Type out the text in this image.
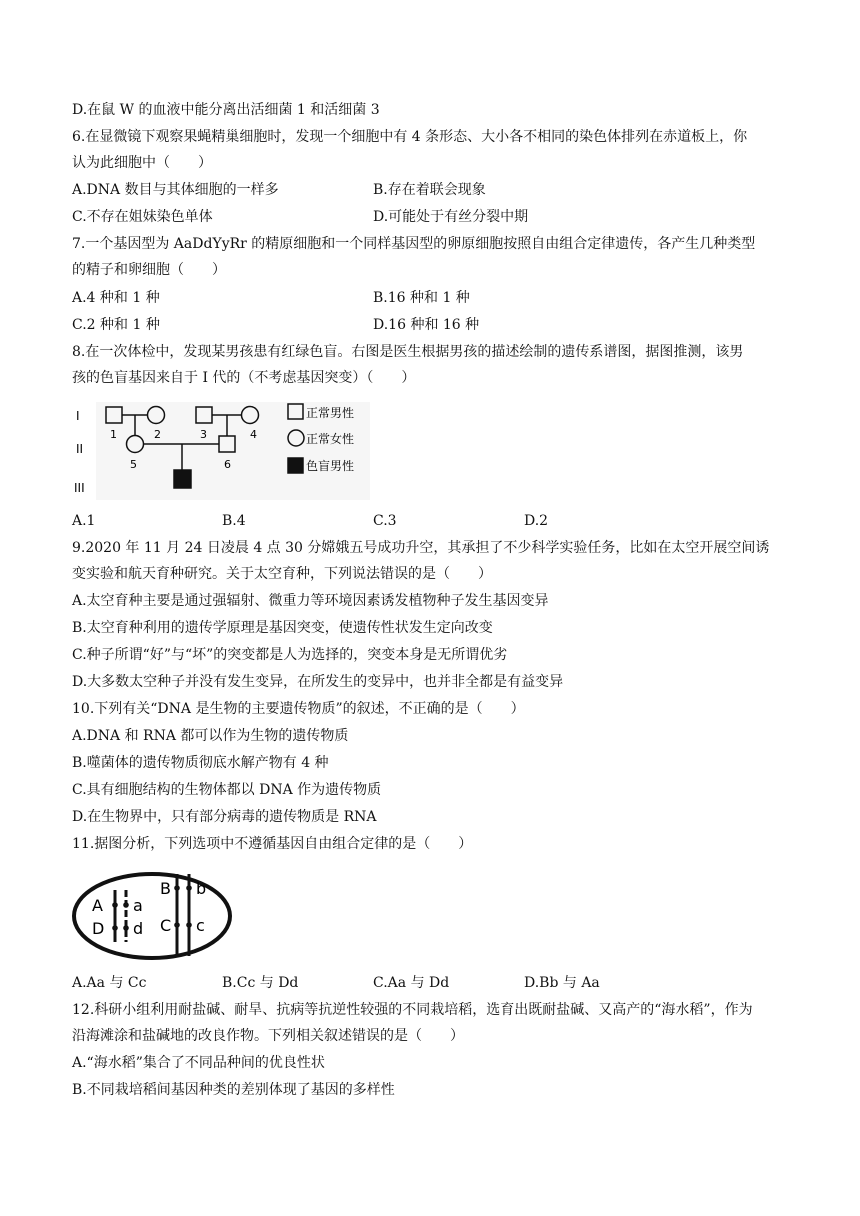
D.在鼠 W 的血液中能分离出活细菌 1 和活细菌 3
6.在显微镜下观察果蝇精巢细胞时，发现一个细胞中有 4 条形态、大小各不相同的染色体排列在赤道板上，你
认为此细胞中（　　）
A.DNA 数目与其体细胞的一样多	B.存在着联会现象
C.不存在姐妹染色单体	D.可能处于有丝分裂中期
7.一个基因型为 AaDdYyRr 的精原细胞和一个同样基因型的卵原细胞按照自由组合定律遗传，各产生几种类型
的精子和卵细胞（　　）
A.4 种和 1 种	B.16 种和 1 种
C.2 种和 1 种	D.16 种和 16 种
8.在一次体检中，发现某男孩患有红绿色盲。右图是医生根据男孩的描述绘制的遗传系谱图，据图推测，该男
孩的色盲基因来自于 I 代的（不考虑基因突变）（　　）
I
II
III
1	2	3	4
5	6
正常男性
正常女性
色盲男性
A.1	B.4	C.3	D.2
9.2020 年 11 月 24 日凌晨 4 点 30 分嫦娥五号成功升空，其承担了不少科学实验任务，比如在太空开展空间诱
变实验和航天育种研究。关于太空育种，下列说法错误的是（　　）
A.太空育种主要是通过强辐射、微重力等环境因素诱发植物种子发生基因变异
B.太空育种利用的遗传学原理是基因突变，使遗传性状发生定向改变
C.种子所谓“好”与“坏”的突变都是人为选择的，突变本身是无所谓优劣
D.大多数太空种子并没有发生变异，在所发生的变异中，也并非全都是有益变异
10.下列有关“DNA 是生物的主要遗传物质”的叙述，不正确的是（　　）
A.DNA 和 RNA 都可以作为生物的遗传物质
B.噬菌体的遗传物质彻底水解产物有 4 种
C.具有细胞结构的生物体都以 DNA 作为遗传物质
D.在生物界中，只有部分病毒的遗传物质是 RNA
11.据图分析，下列选项中不遵循基因自由组合定律的是（　　）
A a
D d
B b
C c
A.Aa 与 Cc	B.Cc 与 Dd	C.Aa 与 Dd	D.Bb 与 Aa
12.科研小组利用耐盐碱、耐旱、抗病等抗逆性较强的不同栽培稻，选育出既耐盐碱、又高产的“海水稻”，作为
沿海滩涂和盐碱地的改良作物。下列相关叙述错误的是（　　）
A.“海水稻”集合了不同品种间的优良性状
B.不同栽培稻间基因种类的差别体现了基因的多样性
